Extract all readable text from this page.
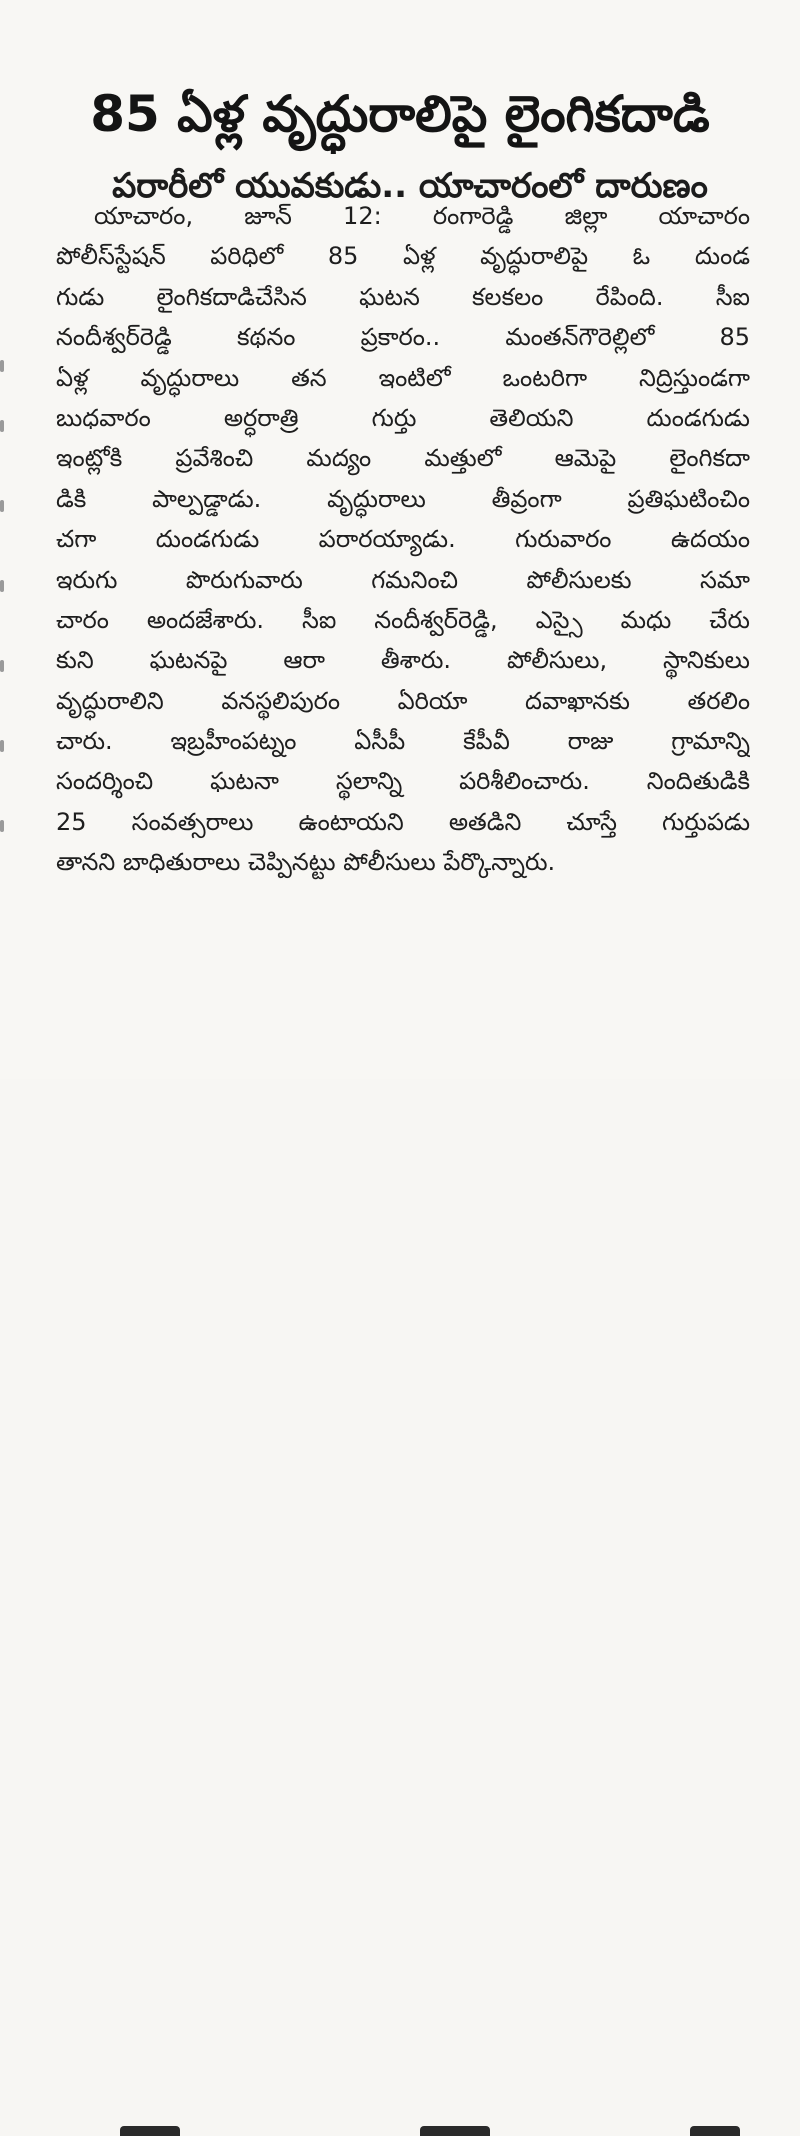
85 ఏళ్ల వృద్ధురాలిపై లైంగికదాడి
పరారీలో యువకుడు.. యాచారంలో దారుణం
యాచారం, జూన్ 12: రంగారెడ్డి జిల్లా యాచారం
పోలీస్‌స్టేషన్ పరిధిలో 85 ఏళ్ల వృద్ధురాలిపై ఓ దుండ
గుడు లైంగికదాడిచేసిన ఘటన కలకలం రేపింది. సీఐ
నందీశ్వర్‌రెడ్డి కథనం ప్రకారం.. మంతన్‌గౌరెల్లిలో 85
ఏళ్ల వృద్ధురాలు తన ఇంటిలో ఒంటరిగా నిద్రిస్తుండగా
బుధవారం అర్ధరాత్రి గుర్తు తెలియని దుండగుడు
ఇంట్లోకి ప్రవేశించి మద్యం మత్తులో ఆమెపై లైంగికదా
డికి పాల్పడ్డాడు. వృద్ధురాలు తీవ్రంగా ప్రతిఘటించిం
చగా దుండగుడు పరారయ్యాడు. గురువారం ఉదయం
ఇరుగు పొరుగువారు గమనించి పోలీసులకు సమా
చారం అందజేశారు. సీఐ నందీశ్వర్‌రెడ్డి, ఎస్సై మధు చేరు
కుని ఘటనపై ఆరా తీశారు. పోలీసులు, స్థానికులు
వృద్ధురాలిని వనస్థలిపురం ఏరియా దవాఖానకు తరలిం
చారు. ఇబ్రహీంపట్నం ఏసీపీ కేపీవీ రాజు గ్రామాన్ని
సందర్శించి ఘటనా స్థలాన్ని పరిశీలించారు. నిందితుడికి
25 సంవత్సరాలు ఉంటాయని అతడిని చూస్తే గుర్తుపడు
తానని బాధితురాలు చెప్పినట్టు పోలీసులు పేర్కొన్నారు.
